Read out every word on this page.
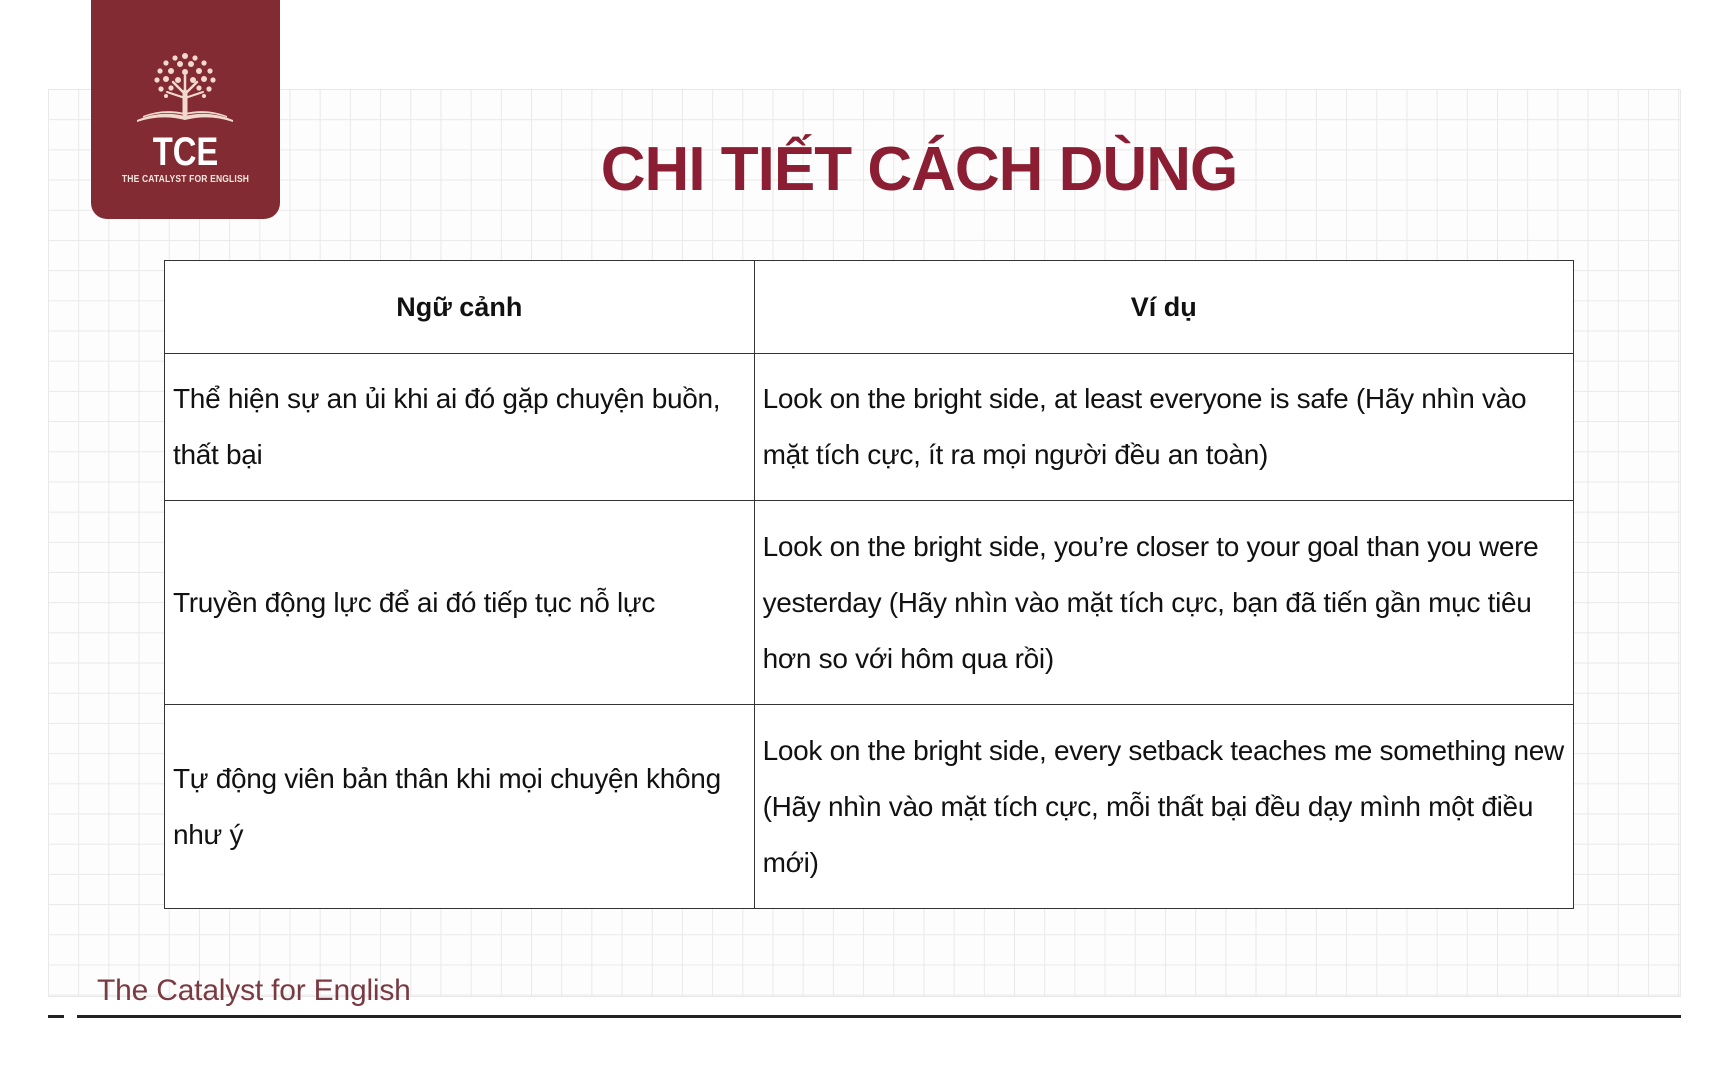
TCE
THE CATALYST FOR ENGLISH	CHI TIẾT CÁCH DÙNG
Ngữ cảnh	Ví dụ
Thể hiện sự an ủi khi ai đó gặp chuyện buồn, thất bại	Look on the bright side, at least everyone is safe (Hãy nhìn vào mặt tích cực, ít ra mọi người đều an toàn)
Truyền động lực để ai đó tiếp tục nỗ lực	Look on the bright side, you’re closer to your goal than you were yesterday (Hãy nhìn vào mặt tích cực, bạn đã tiến gần mục tiêu hơn so với hôm qua rồi)
Tự động viên bản thân khi mọi chuyện không như ý	Look on the bright side, every setback teaches me something new (Hãy nhìn vào mặt tích cực, mỗi thất bại đều dạy mình một điều mới)
The Catalyst for English
